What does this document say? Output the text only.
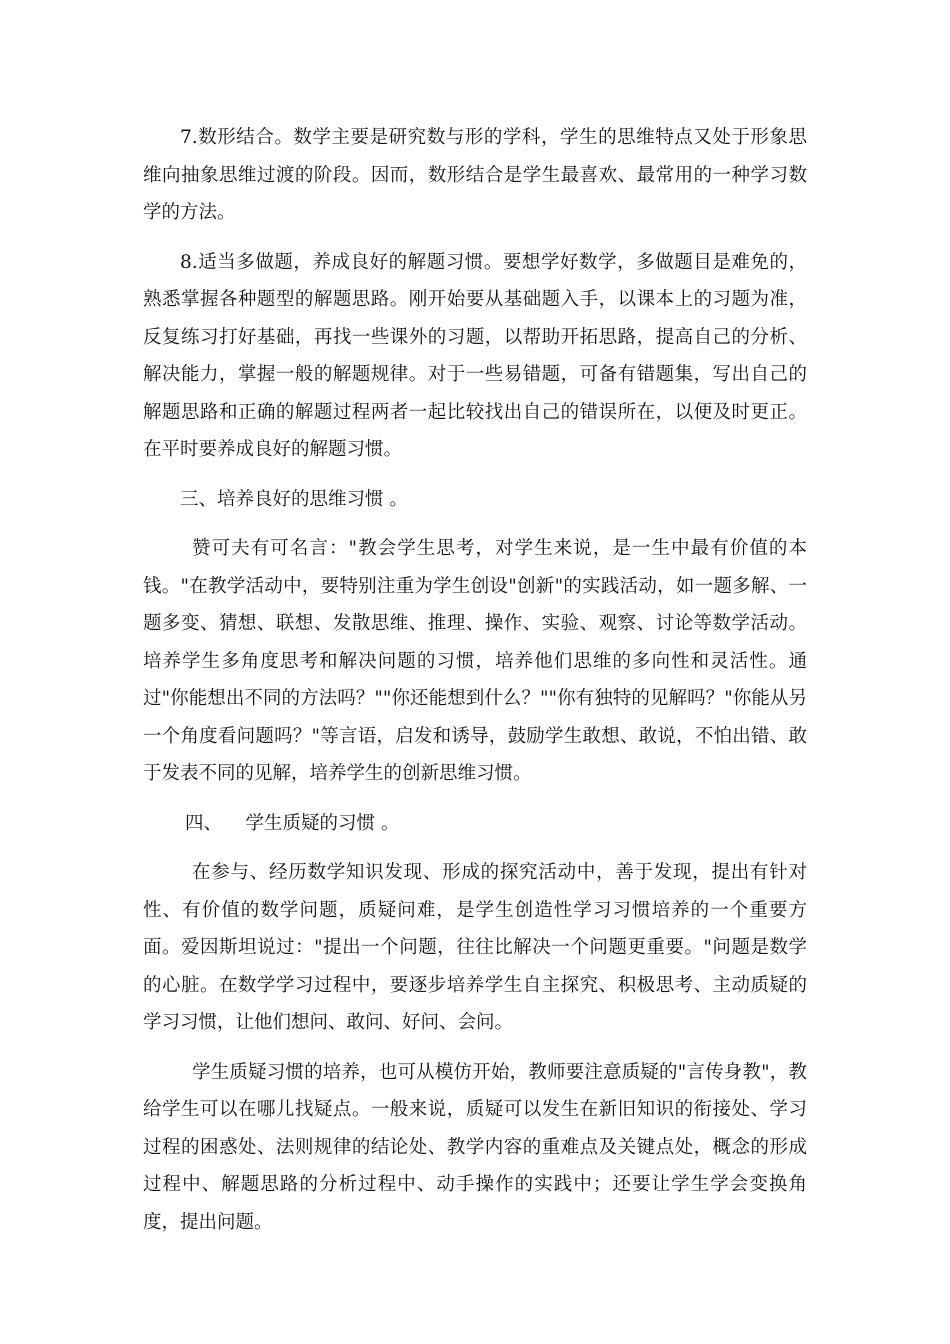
7.数形结合。数学主要是研究数与形的学科，学生的思维特点又处于形象思维向抽象思维过渡的阶段。因而，数形结合是学生最喜欢、最常用的一种学习数学的方法。

8.适当多做题，养成良好的解题习惯。要想学好数学，多做题目是难免的，熟悉掌握各种题型的解题思路。刚开始要从基础题入手，以课本上的习题为准，反复练习打好基础，再找一些课外的习题，以帮助开拓思路，提高自己的分析、解决能力，掌握一般的解题规律。对于一些易错题，可备有错题集，写出自己的解题思路和正确的解题过程两者一起比较找出自己的错误所在，以便及时更正。在平时要养成良好的解题习惯。

三、培养良好的思维习惯 。

赞可夫有可名言："教会学生思考，对学生来说，是一生中最有价值的本钱。"在教学活动中，要特别注重为学生创设"创新"的实践活动，如一题多解、一题多变、猜想、联想、发散思维、推理、操作、实验、观察、讨论等数学活动。培养学生多角度思考和解决问题的习惯，培养他们思维的多向性和灵活性。通过"你能想出不同的方法吗？""你还能想到什么？""你有独特的见解吗？"你能从另一个角度看问题吗？"等言语，启发和诱导，鼓励学生敢想、敢说，不怕出错、敢于发表不同的见解，培养学生的创新思维习惯。

四、    学生质疑的习惯 。

在参与、经历数学知识发现、形成的探究活动中，善于发现，提出有针对性、有价值的数学问题，质疑问难，是学生创造性学习习惯培养的一个重要方面。爱因斯坦说过："提出一个问题，往往比解决一个问题更重要。"问题是数学的心脏。在数学学习过程中，要逐步培养学生自主探究、积极思考、主动质疑的学习习惯，让他们想问、敢问、好问、会问。

学生质疑习惯的培养，也可从模仿开始，教师要注意质疑的"言传身教"，教给学生可以在哪儿找疑点。一般来说，质疑可以发生在新旧知识的衔接处、学习过程的困惑处、法则规律的结论处、教学内容的重难点及关键点处，概念的形成过程中、解题思路的分析过程中、动手操作的实践中；还要让学生学会变换角度，提出问题。
